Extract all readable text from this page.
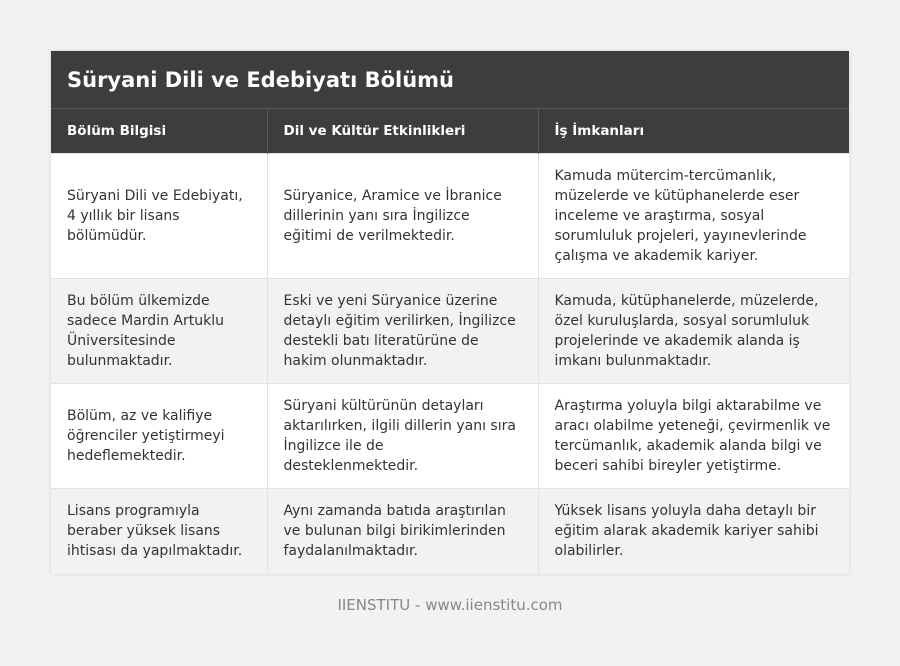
Süryani Dili ve Edebiyatı Bölümü
Bölüm Bilgisi	Dil ve Kültür Etkinlikleri	İş İmkanları
Süryani Dili ve Edebiyatı, 4 yıllık bir lisans bölümüdür.	Süryanice, Aramice ve İbranice dillerinin yanı sıra İngilizce eğitimi de verilmektedir.	Kamuda mütercim-tercümanlık, müzelerde ve kütüphanelerde eser inceleme ve araştırma, sosyal sorumluluk projeleri, yayınevlerinde çalışma ve akademik kariyer.
Bu bölüm ülkemizde sadece Mardin Artuklu Üniversitesinde bulunmaktadır.	Eski ve yeni Süryanice üzerine detaylı eğitim verilirken, İngilizce destekli batı literatürüne de hakim olunmaktadır.	Kamuda, kütüphanelerde, müzelerde, özel kuruluşlarda, sosyal sorumluluk projelerinde ve akademik alanda iş imkanı bulunmaktadır.
Bölüm, az ve kalifiye öğrenciler yetiştirmeyi hedeflemektedir.	Süryani kültürünün detayları aktarılırken, ilgili dillerin yanı sıra İngilizce ile de desteklenmektedir.	Araştırma yoluyla bilgi aktarabilme ve aracı olabilme yeteneği, çevirmenlik ve tercümanlık, akademik alanda bilgi ve beceri sahibi bireyler yetiştirme.
Lisans programıyla beraber yüksek lisans ihtisası da yapılmaktadır.	Aynı zamanda batıda araştırılan ve bulunan bilgi birikimlerinden faydalanılmaktadır.	Yüksek lisans yoluyla daha detaylı bir eğitim alarak akademik kariyer sahibi olabilirler.
IIENSTITU - www.iienstitu.com
